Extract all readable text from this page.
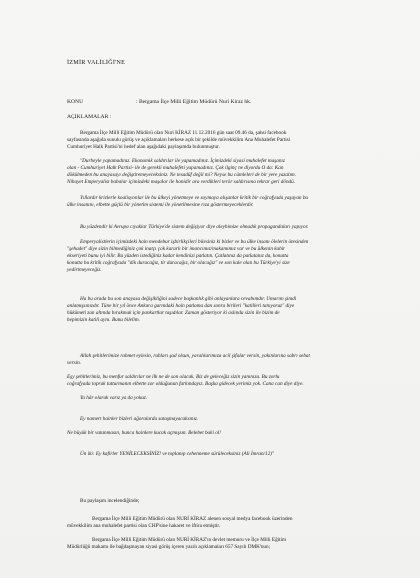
İZMİR VALİLİĞİ'NE
KONU	: Bergama İlçe Milli Eğitim Müdürü Nuri Kiraz hk.
AÇIKLAMALAR :
Bergama İlçe Milli Eğitim Müdürü olan Nuri KİRAZ 11.12.2016 gün saat 09.46 da, şahsi facebook
sayfasında aşağıda sunulu görüş ve açıklamaları herkese açık bir şekilde müvekkilim Ana Muhalefet Partisi
Cumhuriyet Halk Partisi'ni hedef alan aşağıdaki paylaşımda bulunmuştur.
"Durbeyle yapamadınız. Ekonomik saldırılar ile yapamadınız. İçimizdeki siyasi muhalefet maşanız
olan - Cumhuriyet Halk Partisi- ile de gerekli muhalefeti yapamadınız. Çok ilginç ne diyordu O da: Kan
dökülmeden bu anayasayı değiştiremeyeceksiniz. Ne tesadüf değil mi? Neyse bu cümleleri de bir yere yazalım.
Nihayet Emperyalist babalar içimizdeki maşalar ile hanidir ara verdikleri terör saldırısına tekrar geri döndü.
Yıllardır krizlerle koalisyonlar ile bu ülkeyi yönetmeye ve soymaya alışanlar kritik bir coğrafyada yaşayan bu
ülke insanını, elbette güçlü bir yönetim sistemi ile yönetilmesine rıza göstermeyeceklerdir.
Bu yüzdendir ki Avrupa cıyaklar Türkiye'de sistem değişiyor diye aleyhimize olmadık propagandaları yapıyor.
Emperyalistlerin içimizdeki hain mendebur işbirlikçileri bilesiniz ki bizler ve bu ülke insanı ölelerin ötesinden
"şehadet" diye sizin bilmediğiniz çok inatçı çok kararlı bir imancımız/makamımız var ve bu ülkenin kahir
ekseriyeti bunu iyi bilir. Bu yüzden istediğiniz kadar kendinizi patlatın. Çatlatınız da patlatanız da, konutta
konutta bu kritik coğrafyada "dik duracağız, tir duracağız, bir olacağız" ve son kale olan bu Türkiye'yi size
yedirtmeyeceğiz.
Ha bu arada bu son anayasa değişikliğini sadece başkanlık gibi anlayanlara cevabımdır. Umarım şimdi
anlamışsınızdır. Tüne bir yıl önce Ankara garındaki hain patlama dan sonra birileri "katilleri tanıyoruz" diye
hükümeti zan altında bırakmak için pankartlar taşıdılar. Zaman gösteriyor ki aslında sizin ile bizim de
hepimizin katili aynı. Bunu bilelim.
Allah şehitlerimize rahmet eylesin, ruhları şad olsun, yaralılarımıza acil şifalar versin, yakınlarına sabrı sebat
versin.
Eşy şehitlerimiz, bu menfur saldırılar ne ilk ne de son olacak. Biz de geleceğiz sizin yanınıza. Bu zorlu
coğrafyada toprak tutturmanın elbette zor olduğunun farkındayız. Başka gidecek yerimiz yok. Cana can diye diye.
Ya hâr olarak varız ya da yokuz.
Ey namert hainler bizleri ağoralarda sataşmayacaksınız.
Ne büyük bir vatanmasın, bunca hainlere kucak açmışsın. Belebet baki ol!
Ün iki: Ey kafirler YENİLECEKSİNİZ! ve toplanıp cehenneme sürüleceksiniz (Ali İmran/12)"
Bu paylaşım incelendiğinde;
Bergama İlçe Milli Eğitim Müdürü olan NURİ KİRAZ alenen sosyal medya facebook üzerinden
müvekkilim ana muhalefet partisi olan CHP'sine hakaret ve iftira etmiştir.
Bergama İlçe Milli Eğitim Müdürü olan NURİ KİRAZ'ın devlet memuru ve İlçe Milli Eğitim
Müdürlüğü makamı ile bağdaşmayan siyasi görüş içeren yazılı açıklamaları 657 Sayılı DMK'nun;
